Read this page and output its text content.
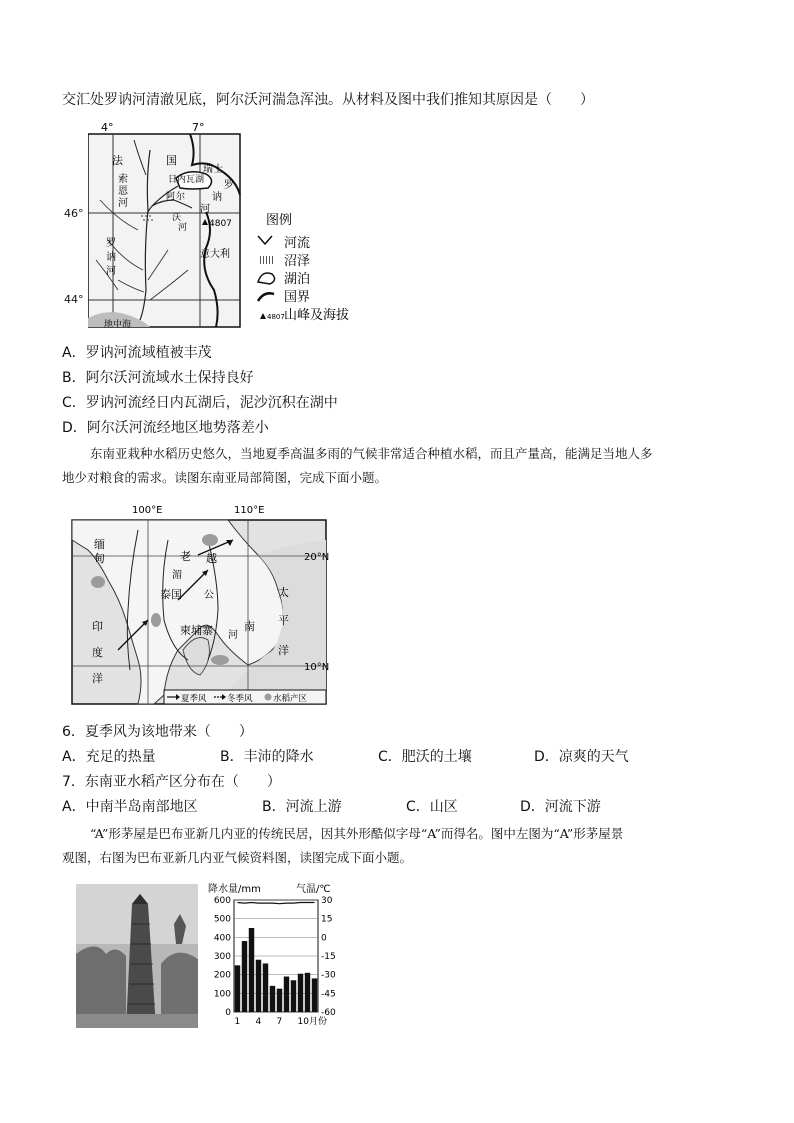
交汇处罗讷河清澈见底，阿尔沃河湍急浑浊。从材料及图中我们推知其原因是（　　）
4°	7°
法	国
瑞士
罗
讷
河
索
恩
河
日内瓦湖
阿 尔
沃
河 4807
罗
讷
河
意大利
地中海
图例
河流
沼泽
湖泊
国界
4807 山峰及海拔
46°
44°
A．罗讷河流域植被丰茂
B．阿尔沃河流域水土保持良好
C．罗讷河流经日内瓦湖后，泥沙沉积在湖中
D．阿尔沃河流经地区地势落差小
东南亚栽种水稻历史悠久，当地夏季高温多雨的气候非常适合种植水稻，而且产量高，能满足当地人多
地少对粮食的需求。读图东南亚局部简图，完成下面小题。
100°E	110°E
20°N
10°N
缅
甸	老 越
泰国
柬埔寨	南
湄
公
河
太
平
洋
印
度
洋
夏季风 冬季风 水稻产区
6．夏季风为该地带来（　　）
A．充足的热量	B．丰沛的降水	C．肥沃的土壤	D．凉爽的天气
7．东南亚水稻产区分布在（　　）
A．中南半岛南部地区	B．河流上游	C．山区	D．河流下游
“A”形茅屋是巴布亚新几内亚的传统民居，因其外形酷似字母“A”而得名。图中左图为“A”形茅屋景
观图，右图为巴布亚新几内亚气候资料图，读图完成下面小题。
降水量/mm	气温/℃
600
500
400
300
200
100
0
30
15
0
-15
-30
-45
-60
1 4 7 10月份
